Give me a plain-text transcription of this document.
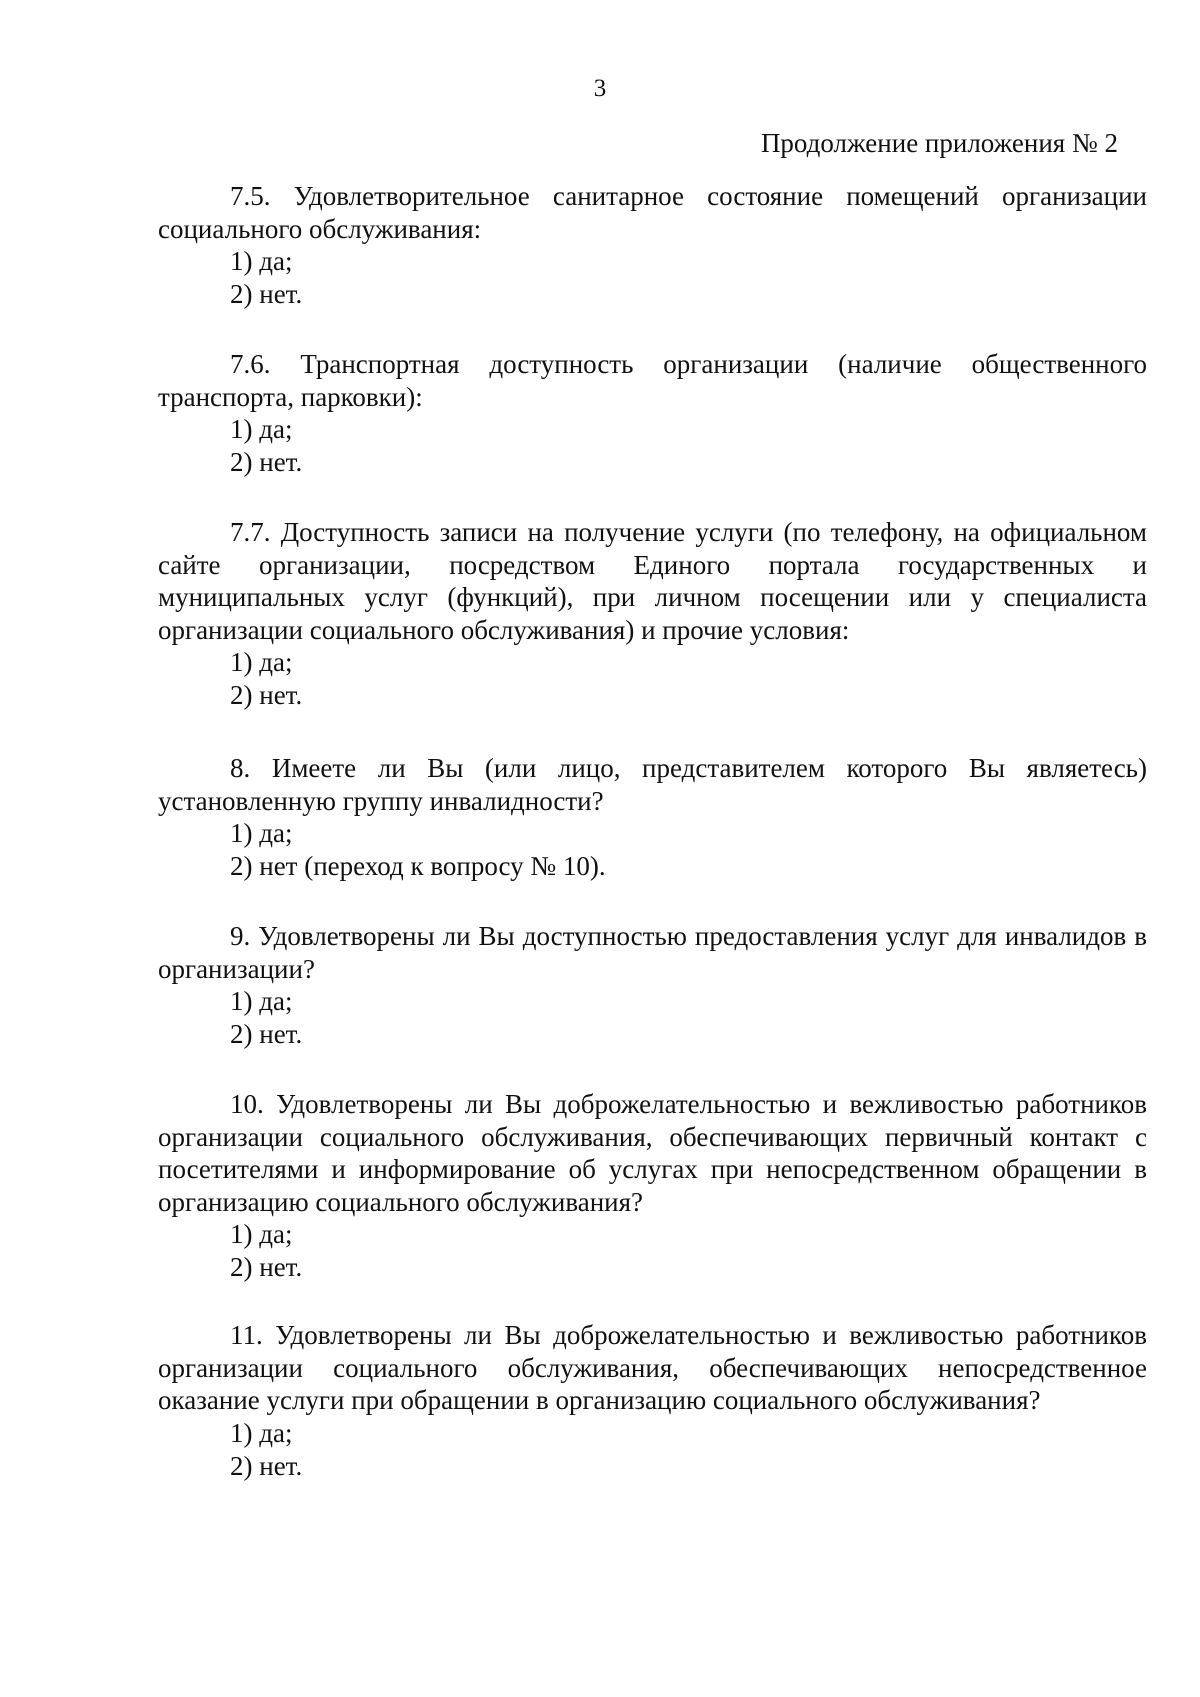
3
Продолжение приложения № 2

7.5. Удовлетворительное санитарное состояние помещений организации социального обслуживания:

1) да;

2) нет.

7.6. Транспортная доступность организации (наличие общественного транспорта, парковки):

1) да;

2) нет.

7.7. Доступность записи на получение услуги (по телефону, на официальном сайте организации, посредством Единого портала государственных и муниципальных услуг (функций), при личном посещении или у специалиста организации социального обслуживания) и прочие условия:

1) да;

2) нет.

8. Имеете ли Вы (или лицо, представителем которого Вы являетесь) установленную группу инвалидности?

1) да;

2) нет (переход к вопросу № 10).

9. Удовлетворены ли Вы доступностью предоставления услуг для инвалидов в организации?

1) да;

2) нет.

10. Удовлетворены ли Вы доброжелательностью и вежливостью работников организации социального обслуживания, обеспечивающих первичный контакт с посетителями и информирование об услугах при непосредственном обращении в организацию социального обслуживания?

1) да;

2) нет.

11. Удовлетворены ли Вы доброжелательностью и вежливостью работников организации социального обслуживания, обеспечивающих непосредственное оказание услуги при обращении в организацию социального обслуживания?

1) да;

2) нет.
